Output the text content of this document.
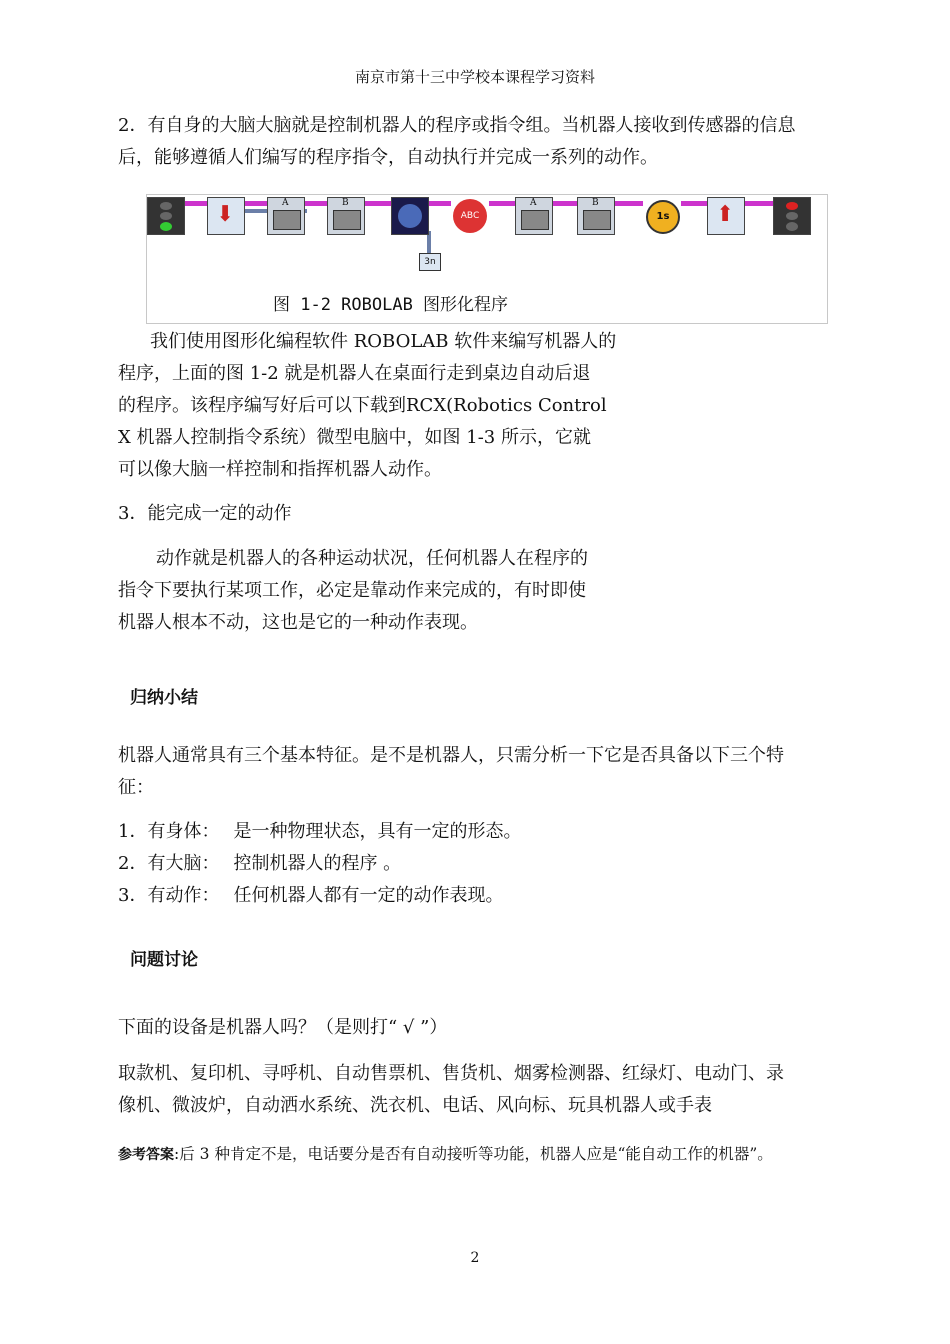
南京市第十三中学校本课程学习资料
2．有自身的大脑大脑就是控制机器人的程序或指令组。当机器人接收到传感器的信息
后，能够遵循人们编写的程序指令，自动执行并完成一系列的动作。
⬇	A	B
ABC
A	B
1s	⬆
3n
图 1-2 ROBOLAB 图形化程序
我们使用图形化编程软件 ROBOLAB 软件来编写机器人的
程序，上面的图 1-2 就是机器人在桌面行走到桌边自动后退
的程序。该程序编写好后可以下载到RCX(Robotics Control
X 机器人控制指令系统）微型电脑中，如图 1-3 所示，它就
可以像大脑一样控制和指挥机器人动作。
3．能完成一定的动作
动作就是机器人的各种运动状况，任何机器人在程序的
指令下要执行某项工作，必定是靠动作来完成的，有时即使
机器人根本不动，这也是它的一种动作表现。
归纳小结
机器人通常具有三个基本特征。是不是机器人，只需分析一下它是否具备以下三个特
征：
1．有身体： 是一种物理状态，具有一定的形态。
2．有大脑： 控制机器人的程序 。
3．有动作： 任何机器人都有一定的动作表现。
问题讨论
下面的设备是机器人吗？（是则打“ √ ”）
取款机、复印机、寻呼机、自动售票机、售货机、烟雾检测器、红绿灯、电动门、录
像机、微波炉，自动洒水系统、洗衣机、电话、风向标、玩具机器人或手表
参考答案:后 3 种肯定不是，电话要分是否有自动接听等功能，机器人应是“能自动工作的机器”。
2
